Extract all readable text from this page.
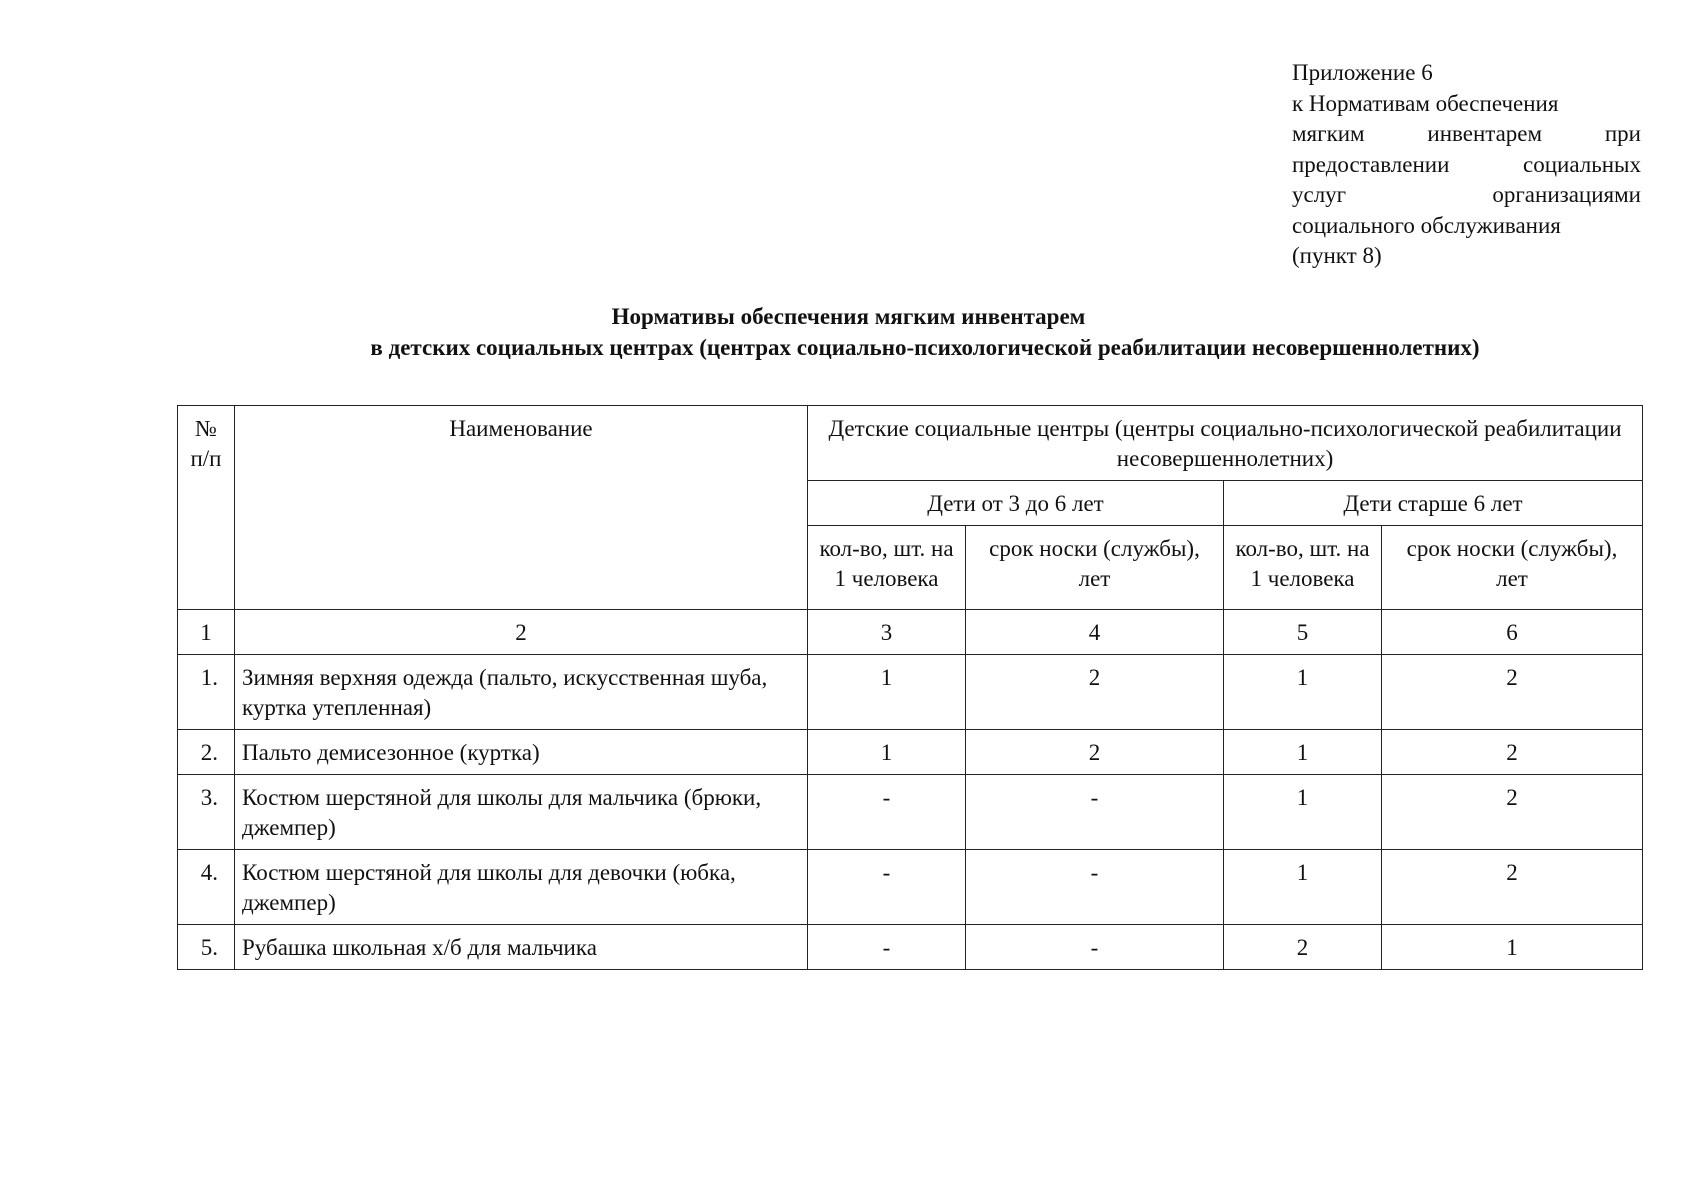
Приложение 6
к Нормативам обеспечения
мягким	инвентарем	при
предоставлении	социальных
услуг	организациями
социального обслуживания
(пункт 8)
Нормативы обеспечения мягким инвентарем
в детских социальных центрах (центрах социально-психологической реабилитации несовершеннолетних)
№ п/п	Наименование	Детские социальные центры (центры социально-психологической реабилитации несовершеннолетних)			
		Дети от 3 до 6 лет		Дети старше 6 лет	
		кол-во, шт. на 1 человека	срок носки (службы), лет	кол-во, шт. на 1 человека	срок носки (службы), лет
1	2	3	4	5	6
1.	Зимняя верхняя одежда (пальто, искусственная шуба, куртка утепленная)	1	2	1	2
2.	Пальто демисезонное (куртка)	1	2	1	2
3.	Костюм шерстяной для школы для мальчика (брюки, джемпер)	-	-	1	2
4.	Костюм шерстяной для школы для девочки (юбка, джемпер)	-	-	1	2
5.	Рубашка школьная х/б для мальчика	-	-	2	1
